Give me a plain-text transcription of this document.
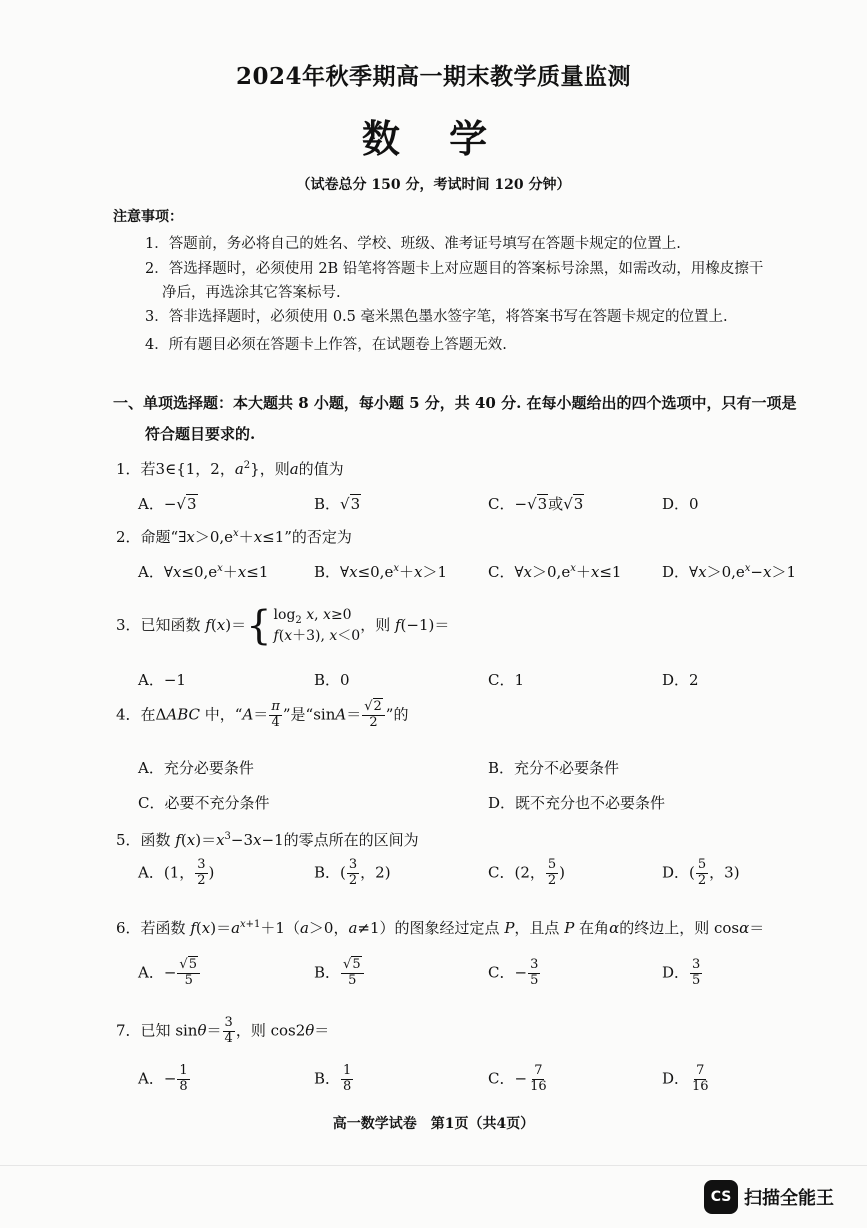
2024年秋季期高一期末教学质量监测
数 学
（试卷总分 150 分，考试时间 120 分钟）
注意事项：
1．答题前，务必将自己的姓名、学校、班级、准考证号填写在答题卡规定的位置上.
2．答选择题时，必须使用 2B 铅笔将答题卡上对应题目的答案标号涂黑，如需改动，用橡皮擦干
净后，再选涂其它答案标号.
3．答非选择题时，必须使用 0.5 毫米黑色墨水签字笔，将答案书写在答题卡规定的位置上.
4．所有题目必须在答题卡上作答，在试题卷上答题无效.
一、单项选择题：本大题共 8 小题，每小题 5 分，共 40 分. 在每小题给出的四个选项中，只有一项是
符合题目要求的.
1．若3∈{1，2，$a^2$}，则a的值为
A．−√3	B．√3	C．−√3或√3	D．0
2．命题“$\exists x>0,e^x+x\le 1$”的否定为
A．$\forall x\le 0,e^x+x\le 1$	B．$\forall x\le 0,e^x+x>1$	C．$\forall x>0,e^x+x\le 1$	D．$\forall x>0,e^x-x>1$
3．已知函数 f(x)＝ { $\log_2 x$, x≥0
f(x＋3), x＜0
，则 f(−1)＝
A．−1	B．0	C．1	D．2
4．在ΔABC 中，“$A= \frac{\pi}{4}$ ”是“$\sin A= \frac{√2}{2}$ ”的
A．充分必要条件	B．充分不必要条件
C．必要不充分条件	D．既不充分也不必要条件
5．函数 $f(x)=x^3-3x-1$的零点所在的区间为
A．(1， $\frac{3}{2}$ )	B．( $\frac{3}{2}$ ，2)	C．(2， $\frac{5}{2}$ )	D．( $\frac{5}{2}$ ，3)
6．若函数 $f(x)=a^{x+1}+1(a>0$，a≠1）的图象经过定点 P，且点 P 在角α的终边上，则 cosα＝
A．− $\frac{√5}{5}$	B． $\frac{√5}{5}$	C．− $\frac{3}{5}$	D． $\frac{3}{5}$
7．已知 $\sin\theta= \frac{3}{4}$ ，则 cos2θ＝
A．− $\frac{1}{8}$	B． $\frac{1}{8}$	C．− $\frac{7}{16}$	D． $\frac{7}{16}$
高一数学试卷　第1页（共4页）
CS 扫描全能王
